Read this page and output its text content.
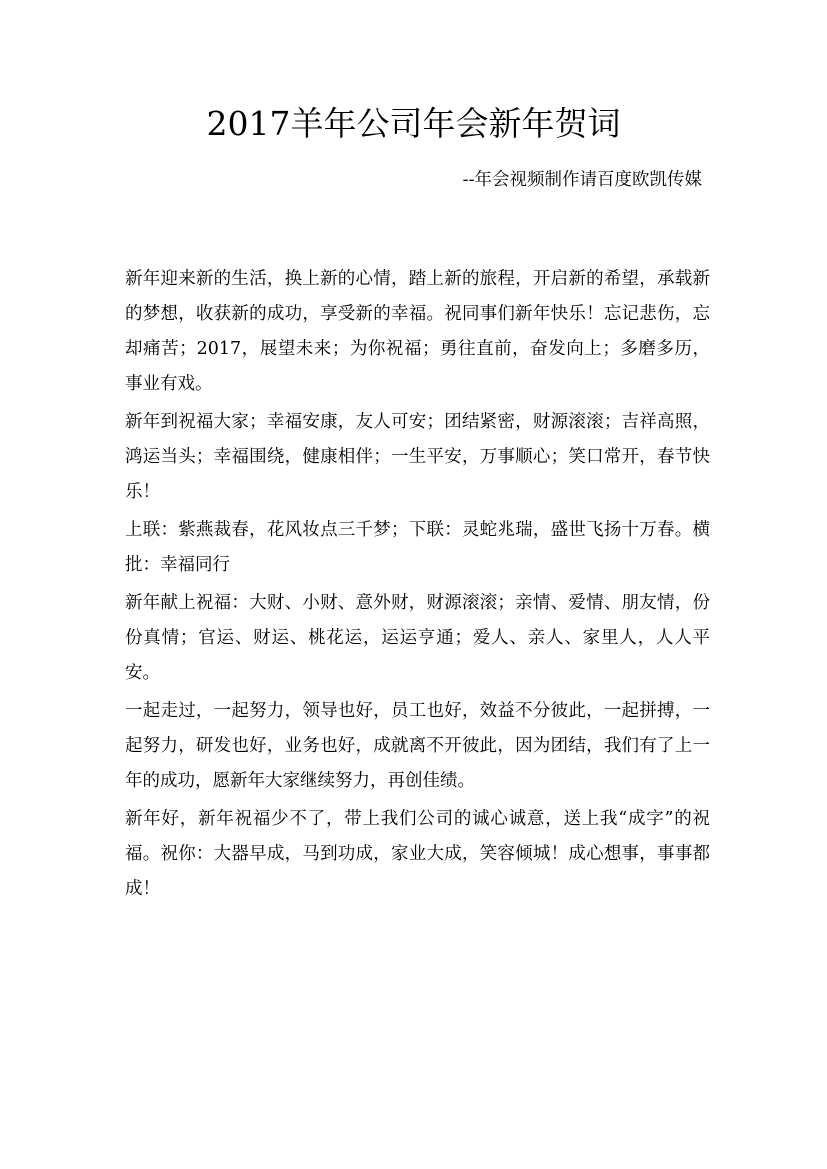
2017羊年公司年会新年贺词

--年会视频制作请百度欧凯传媒

新年迎来新的生活，换上新的心情，踏上新的旅程，开启新的希望，承载新的梦想，收获新的成功，享受新的幸福。祝同事们新年快乐！忘记悲伤，忘却痛苦；2017，展望未来；为你祝福；勇往直前，奋发向上；多磨多历，事业有戏。

新年到祝福大家；幸福安康，友人可安；团结紧密，财源滚滚；吉祥高照，鸿运当头；幸福围绕，健康相伴；一生平安，万事顺心；笑口常开，春节快乐！

上联：紫燕裁春，花风妆点三千梦；下联：灵蛇兆瑞，盛世飞扬十万春。横批：幸福同行

新年献上祝福：大财、小财、意外财，财源滚滚；亲情、爱情、朋友情，份份真情；官运、财运、桃花运，运运亨通；爱人、亲人、家里人，人人平安。

一起走过，一起努力，领导也好，员工也好，效益不分彼此，一起拼搏，一起努力，研发也好，业务也好，成就离不开彼此，因为团结，我们有了上一年的成功，愿新年大家继续努力，再创佳绩。

新年好，新年祝福少不了，带上我们公司的诚心诚意，送上我“成字”的祝福。祝你：大器早成，马到功成，家业大成，笑容倾城！成心想事，事事都成！
